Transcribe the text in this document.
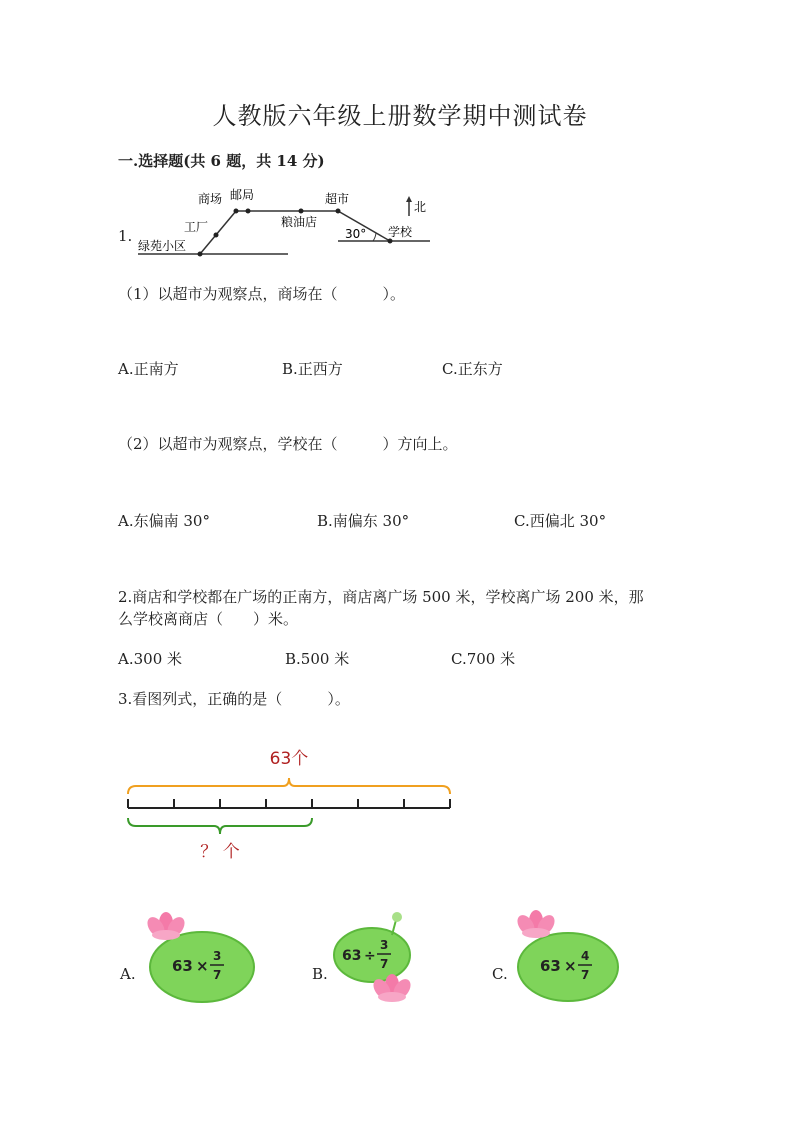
人教版六年级上册数学期中测试卷
一.选择题(共 6 题，共 14 分)
1.
商场 邮局	超市
工厂	粮油店
北
30° 学校
绿苑小区
（1）以超市为观察点，商场在（　　　）。
A.正南方	B.正西方	C.正东方
（2）以超市为观察点，学校在（　　　）方向上。
A.东偏南 30°	B.南偏东 30°	C.西偏北 30°
2.商店和学校都在广场的正南方，商店离广场 500 米，学校离广场 200 米，那
么学校离商店（　　）米。
A.300 米	B.500 米	C.700 米
3.看图列式，正确的是（　　　）。
63个
？ 个
A. 63 ×
3
7	B.
63 ÷
3
7
C. 63 ×
4
7
